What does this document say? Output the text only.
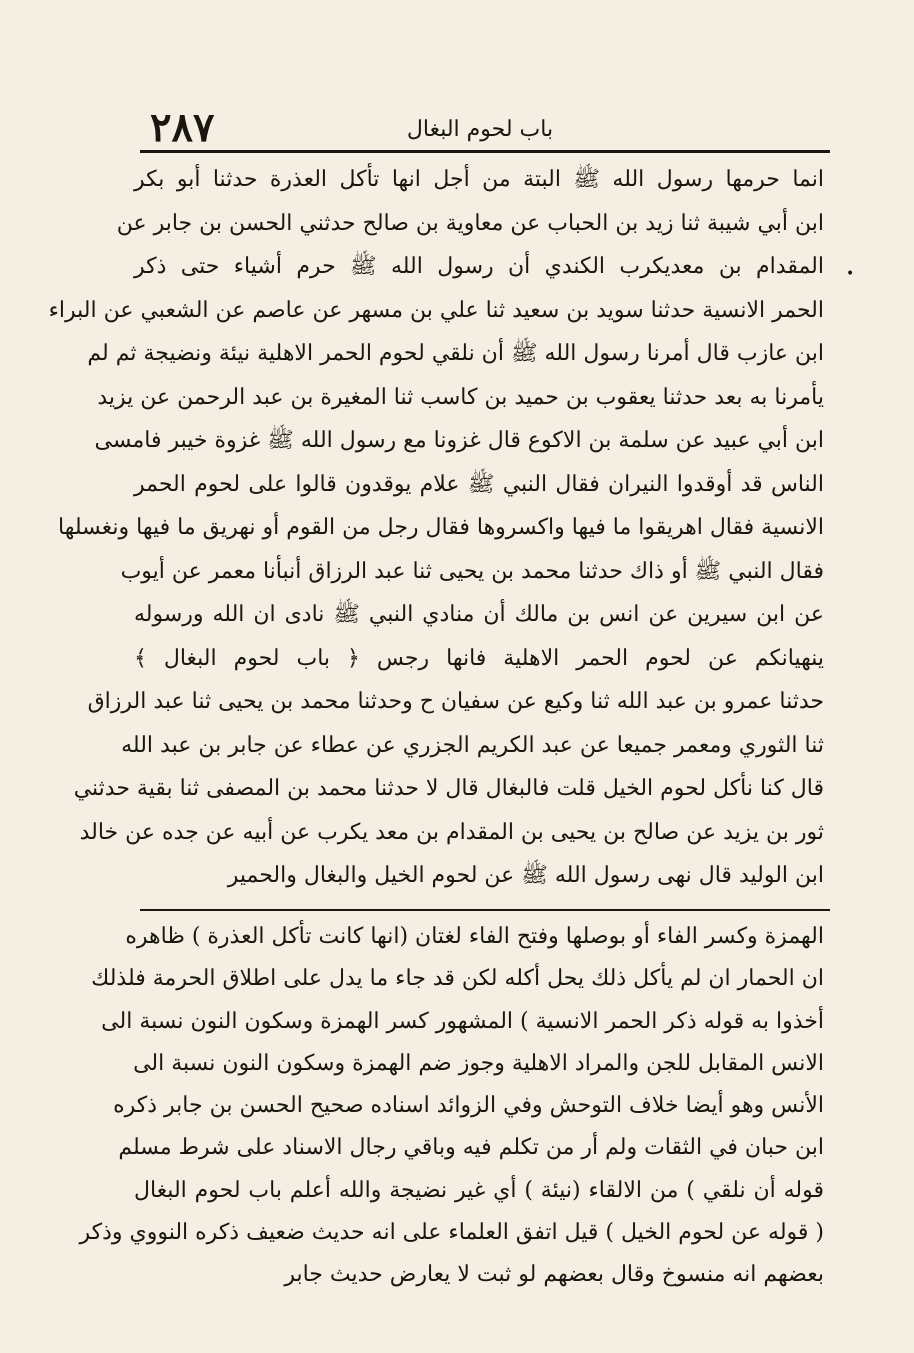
٢٨٧	باب لحوم البغال
•
انما حرمها رسول الله ﷺ البتة من أجل انها تأكل العذرة حدثنا أبو بكر
ابن أبي شيبة ثنا زيد بن الحباب عن معاوية بن صالح حدثني الحسن بن جابر عن
المقدام بن معديكرب الكندي أن رسول الله ﷺ حرم أشياء حتى ذكر
الحمر الانسية حدثنا سويد بن سعيد ثنا علي بن مسهر عن عاصم عن الشعبي عن البراء
ابن عازب قال أمرنا رسول الله ﷺ أن نلقي لحوم الحمر الاهلية نيئة ونضيجة ثم لم
يأمرنا به بعد حدثنا يعقوب بن حميد بن كاسب ثنا المغيرة بن عبد الرحمن عن يزيد
ابن أبي عبيد عن سلمة بن الاكوع قال غزونا مع رسول الله ﷺ غزوة خيبر فامسى
الناس قد أوقدوا النيران فقال النبي ﷺ علام يوقدون قالوا على لحوم الحمر
الانسية فقال اهريقوا ما فيها واكسروها فقال رجل من القوم أو نهريق ما فيها ونغسلها
فقال النبي ﷺ أو ذاك حدثنا محمد بن يحيى ثنا عبد الرزاق أنبأنا معمر عن أيوب
عن ابن سيرين عن انس بن مالك أن منادي النبي ﷺ نادى ان الله ورسوله
ينهيانكم عن لحوم الحمر الاهلية فانها رجس ﴿ باب لحوم البغال ﴾
حدثنا عمرو بن عبد الله ثنا وكيع عن سفيان ح وحدثنا محمد بن يحيى ثنا عبد الرزاق
ثنا الثوري ومعمر جميعا عن عبد الكريم الجزري عن عطاء عن جابر بن عبد الله
قال كنا نأكل لحوم الخيل قلت فالبغال قال لا حدثنا محمد بن المصفى ثنا بقية حدثني
ثور بن يزيد عن صالح بن يحيى بن المقدام بن معد يكرب عن أبيه عن جده عن خالد
ابن الوليد قال نهى رسول الله ﷺ عن لحوم الخيل والبغال والحمير
الهمزة وكسر الفاء أو بوصلها وفتح الفاء لغتان (انها كانت تأكل العذرة ) ظاهره
ان الحمار ان لم يأكل ذلك يحل أكله لكن قد جاء ما يدل على اطلاق الحرمة فلذلك
أخذوا به قوله ذكر الحمر الانسية ) المشهور كسر الهمزة وسكون النون نسبة الى
الانس المقابل للجن والمراد الاهلية وجوز ضم الهمزة وسكون النون نسبة الى
الأنس وهو أيضا خلاف التوحش وفي الزوائد اسناده صحيح الحسن بن جابر ذكره
ابن حبان في الثقات ولم أر من تكلم فيه وباقي رجال الاسناد على شرط مسلم
قوله أن نلقي ) من الالقاء (نيئة ) أي غير نضيجة والله أعلم باب لحوم البغال
( قوله عن لحوم الخيل ) قيل اتفق العلماء على انه حديث ضعيف ذكره النووي وذكر
بعضهم انه منسوخ وقال بعضهم لو ثبت لا يعارض حديث جابر
